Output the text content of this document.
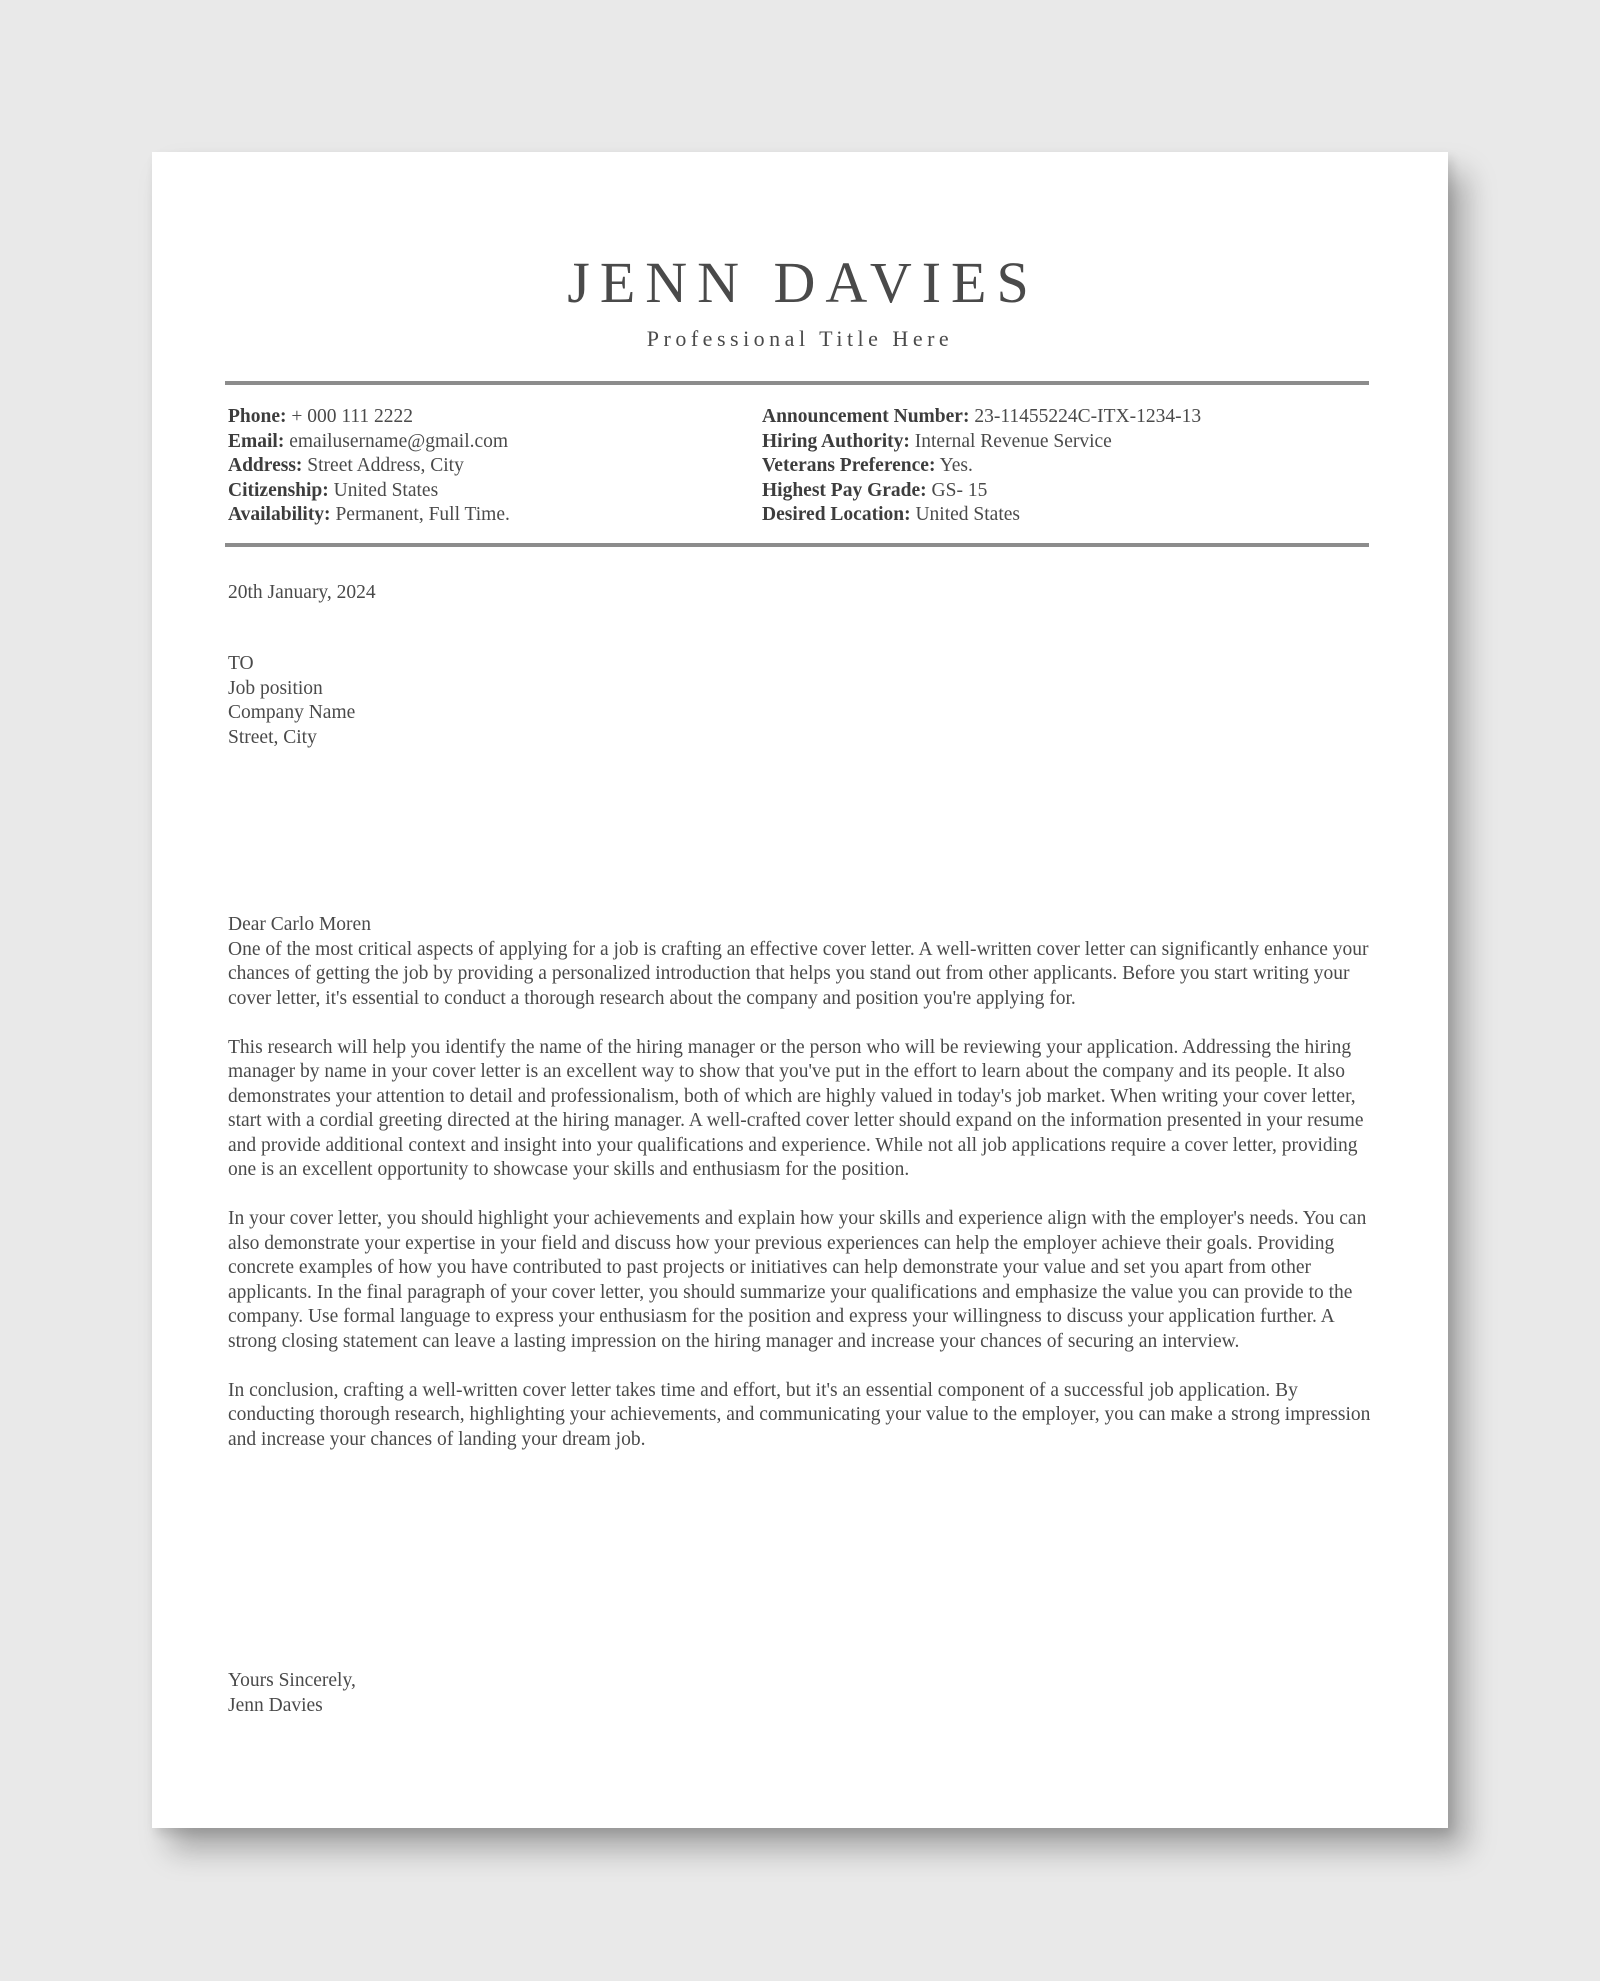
JENN DAVIES
Professional Title Here
Phone: + 000 111 2222
Email: emailusername@gmail.com
Address: Street Address, City
Citizenship: United States
Availability: Permanent, Full Time.
Announcement Number: 23-11455224C-ITX-1234-13
Hiring Authority: Internal Revenue Service
Veterans Preference: Yes.
Highest Pay Grade: GS- 15
Desired Location: United States
20th January, 2024
TO
Job position
Company Name
Street, City

Dear Carlo Moren

One of the most critical aspects of applying for a job is crafting an effective cover letter. A well-written cover letter can significantly enhance your chances of getting the job by providing a personalized introduction that helps you stand out from other applicants. Before you start writing your cover letter, it's essential to conduct a thorough research about the company and position you're applying for.

This research will help you identify the name of the hiring manager or the person who will be reviewing your application. Addressing the hiring manager by name in your cover letter is an excellent way to show that you've put in the effort to learn about the company and its people. It also demonstrates your attention to detail and professionalism, both of which are highly valued in today's job market. When writing your cover letter, start with a cordial greeting directed at the hiring manager. A well-crafted cover letter should expand on the information presented in your resume and provide additional context and insight into your qualifications and experience. While not all job applications require a cover letter, providing one is an excellent opportunity to showcase your skills and enthusiasm for the position.

In your cover letter, you should highlight your achievements and explain how your skills and experience align with the employer's needs. You can also demonstrate your expertise in your field and discuss how your previous experiences can help the employer achieve their goals. Providing concrete examples of how you have contributed to past projects or initiatives can help demonstrate your value and set you apart from other applicants. In the final paragraph of your cover letter, you should summarize your qualifications and emphasize the value you can provide to the company. Use formal language to express your enthusiasm for the position and express your willingness to discuss your application further. A strong closing statement can leave a lasting impression on the hiring manager and increase your chances of securing an interview.

In conclusion, crafting a well-written cover letter takes time and effort, but it's an essential component of a successful job application. By conducting thorough research, highlighting your achievements, and communicating your value to the employer, you can make a strong impression and increase your chances of landing your dream job.

Yours Sincerely,
Jenn Davies
